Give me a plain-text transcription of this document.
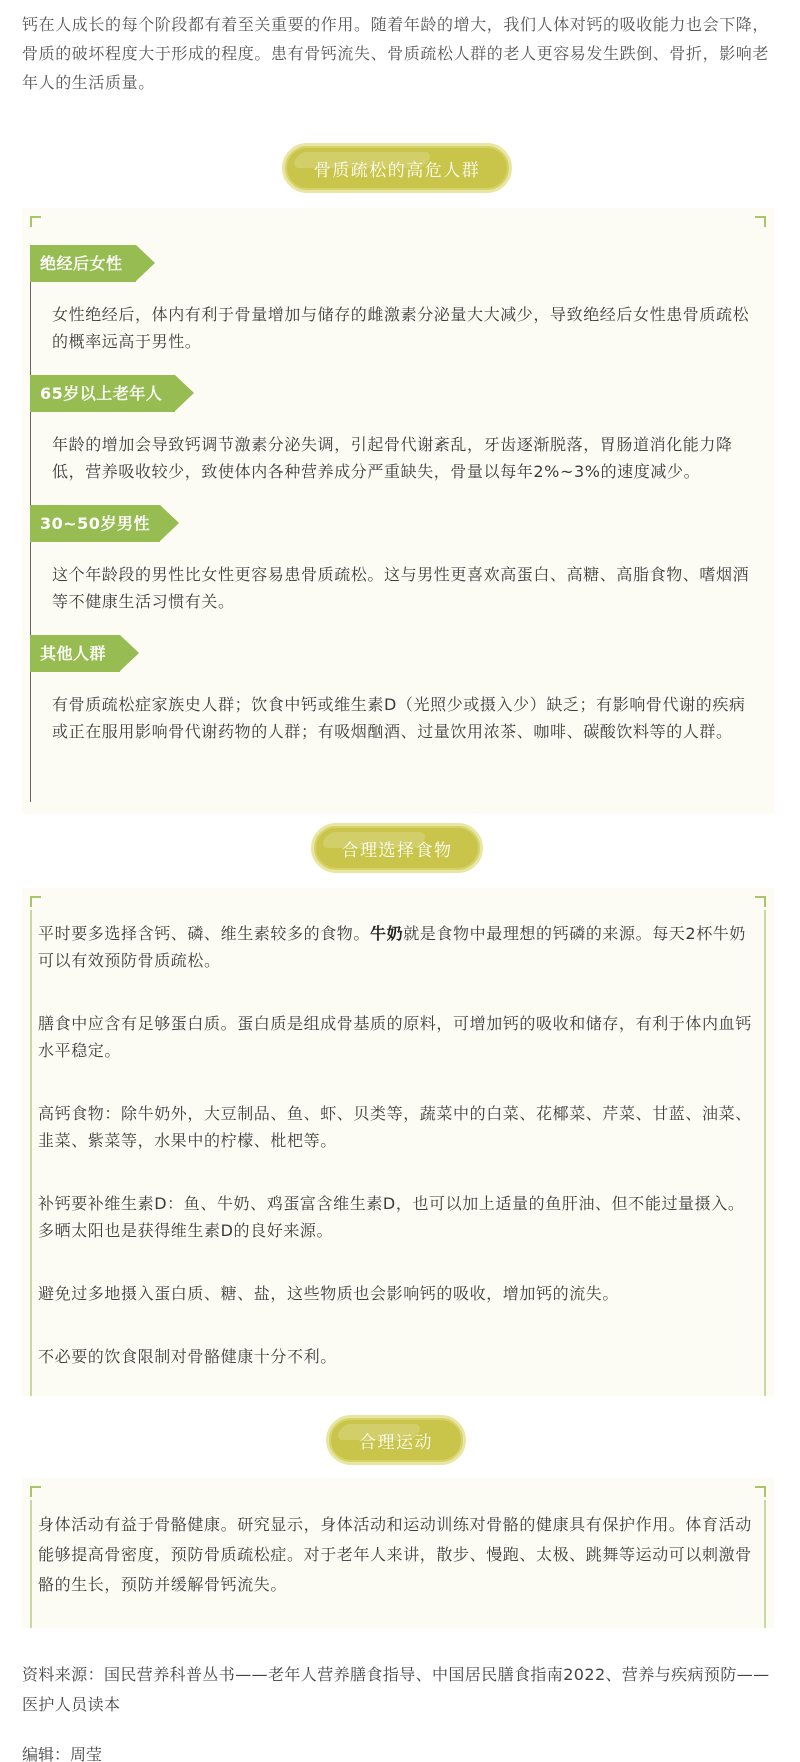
钙在人成长的每个阶段都有着至关重要的作用。随着年龄的增大，我们人体对钙的吸收能力也会下降，骨质的破坏程度大于形成的程度。患有骨钙流失、骨质疏松人群的老人更容易发生跌倒、骨折，影响老年人的生活质量。

骨质疏松的高危人群
绝经后女性

女性绝经后，体内有利于骨量增加与储存的雌激素分泌量大大减少，导致绝经后女性患骨质疏松的概率远高于男性。

65岁以上老年人

年龄的增加会导致钙调节激素分泌失调，引起骨代谢紊乱，牙齿逐渐脱落，胃肠道消化能力降低，营养吸收较少，致使体内各种营养成分严重缺失，骨量以每年2%~3%的速度减少。

30~50岁男性

这个年龄段的男性比女性更容易患骨质疏松。这与男性更喜欢高蛋白、高糖、高脂食物、嗜烟酒等不健康生活习惯有关。

其他人群

有骨质疏松症家族史人群；饮食中钙或维生素D（光照少或摄入少）缺乏；有影响骨代谢的疾病或正在服用影响骨代谢药物的人群；有吸烟酗酒、过量饮用浓茶、咖啡、碳酸饮料等的人群。

合理选择食物

平时要多选择含钙、磷、维生素较多的食物。牛奶就是食物中最理想的钙磷的来源。每天2杯牛奶可以有效预防骨质疏松。

膳食中应含有足够蛋白质。蛋白质是组成骨基质的原料，可增加钙的吸收和储存，有利于体内血钙水平稳定。

高钙食物：除牛奶外，大豆制品、鱼、虾、贝类等，蔬菜中的白菜、花椰菜、芹菜、甘蓝、油菜、韭菜、紫菜等，水果中的柠檬、枇杷等。

补钙要补维生素D：鱼、牛奶、鸡蛋富含维生素D，也可以加上适量的鱼肝油、但不能过量摄入。多晒太阳也是获得维生素D的良好来源。

避免过多地摄入蛋白质、糖、盐，这些物质也会影响钙的吸收，增加钙的流失。

不必要的饮食限制对骨骼健康十分不利。

合理运动

身体活动有益于骨骼健康。研究显示，身体活动和运动训练对骨骼的健康具有保护作用。体育活动能够提高骨密度，预防骨质疏松症。对于老年人来讲，散步、慢跑、太极、跳舞等运动可以刺激骨骼的生长，预防并缓解骨钙流失。

资料来源：国民营养科普丛书——老年人营养膳食指导、中国居民膳食指南2022、营养与疾病预防——医护人员读本

编辑：周莹
